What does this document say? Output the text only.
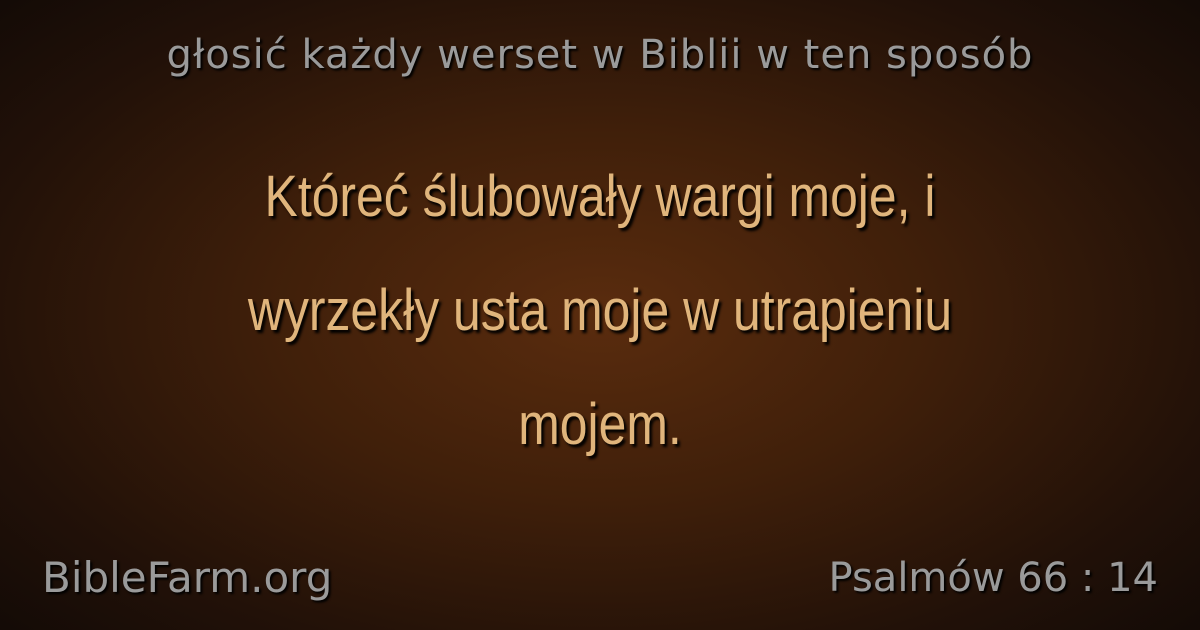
głosić każdy werset w Biblii w ten sposób
Któreć ślubowały wargi moje, i
wyrzekły usta moje w utrapieniu
mojem.
BibleFarm.org	Psalmów 66 : 14
